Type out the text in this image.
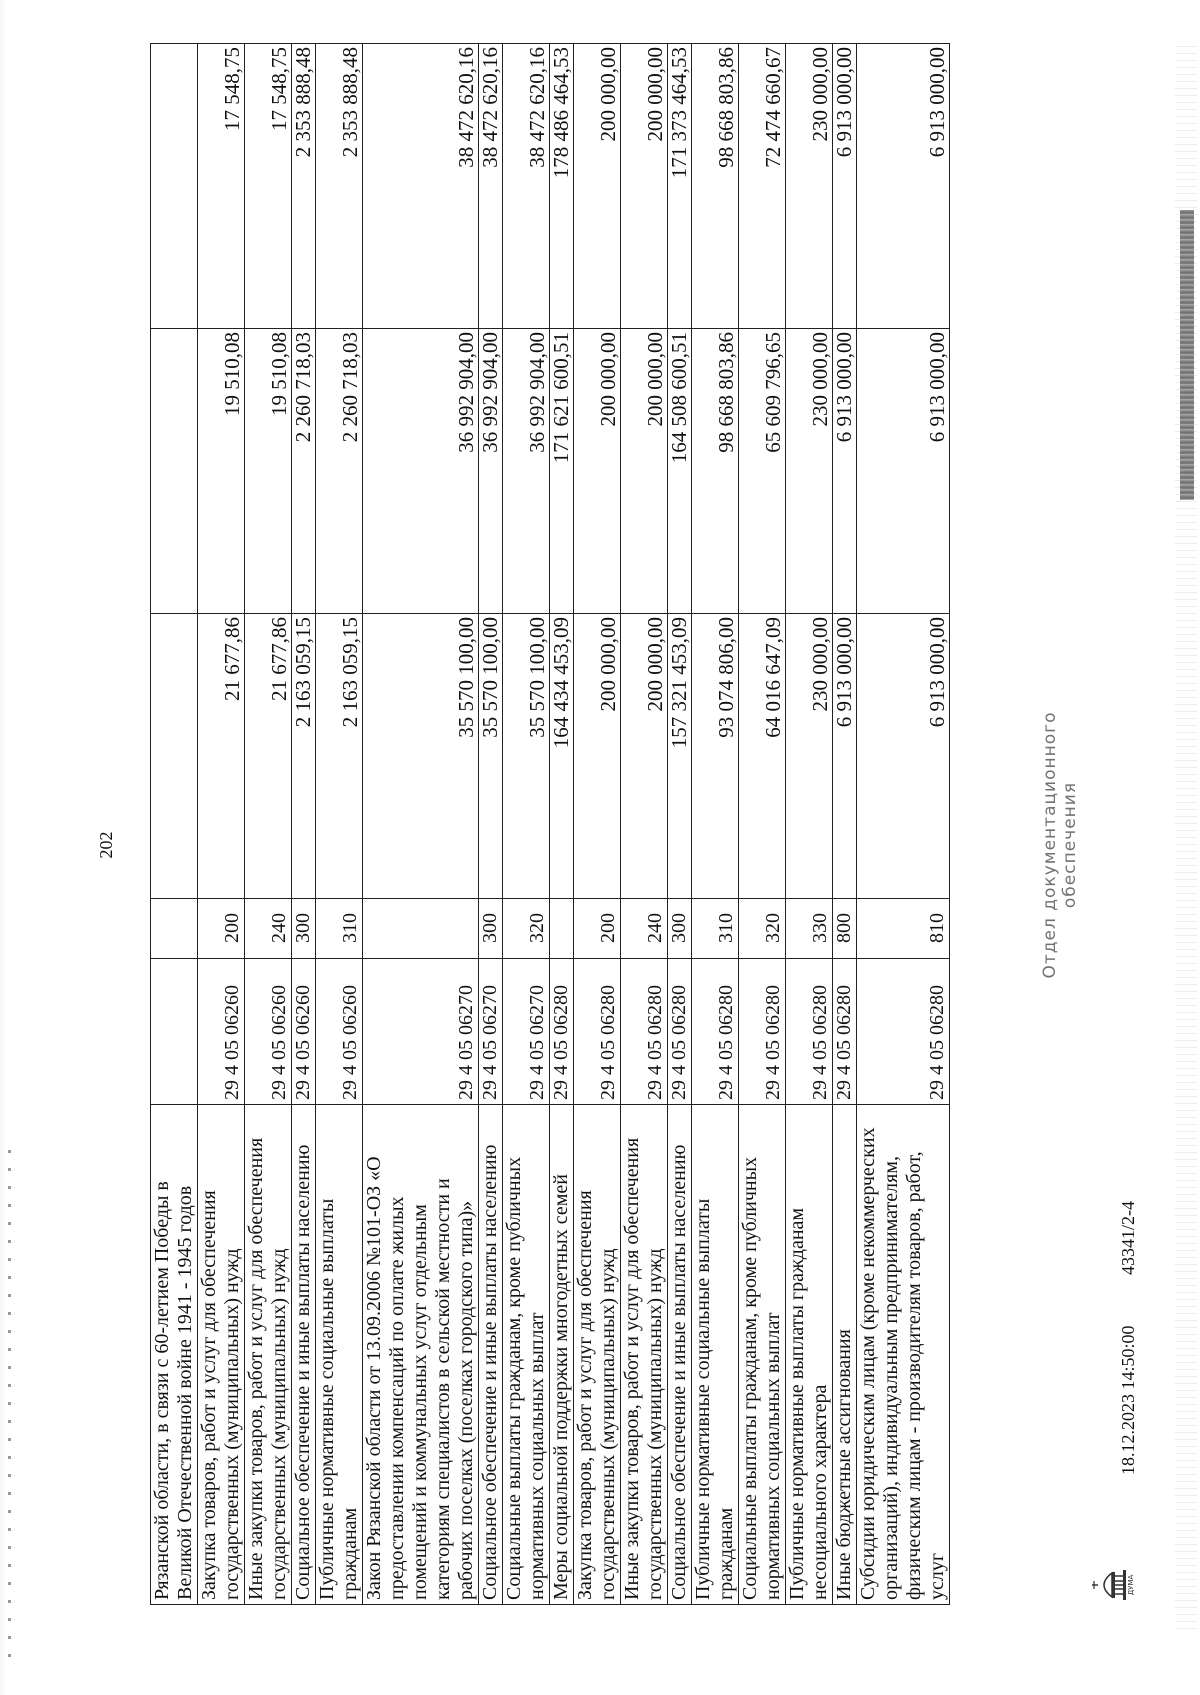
202
Рязанской области, в связи с 60-летием Победы в Великой Отечественной войне 1941 - 1945 годов					
Закупка товаров, работ и услуг для обеспечения государственных (муниципальных) нужд	29 4 05 06260	200	21 677,86	19 510,08	17 548,75
Иные закупки товаров, работ и услуг для обеспечения государственных (муниципальных) нужд	29 4 05 06260	240	21 677,86	19 510,08	17 548,75
Социальное обеспечение и иные выплаты населению	29 4 05 06260	300	2 163 059,15	2 260 718,03	2 353 888,48
Публичные нормативные социальные выплаты гражданам	29 4 05 06260	310	2 163 059,15	2 260 718,03	2 353 888,48
Закон Рязанской области от 13.09.2006 №101-ОЗ «О предоставлении компенсаций по оплате жилых помещений и коммунальных услуг отдельным категориям специалистов в сельской местности и рабочих поселках (поселках городского типа)»	29 4 05 06270		35 570 100,00	36 992 904,00	38 472 620,16
Социальное обеспечение и иные выплаты населению	29 4 05 06270	300	35 570 100,00	36 992 904,00	38 472 620,16
Социальные выплаты гражданам, кроме публичных нормативных социальных выплат	29 4 05 06270	320	35 570 100,00	36 992 904,00	38 472 620,16
Меры социальной поддержки многодетных семей	29 4 05 06280		164 434 453,09	171 621 600,51	178 486 464,53
Закупка товаров, работ и услуг для обеспечения государственных (муниципальных) нужд	29 4 05 06280	200	200 000,00	200 000,00	200 000,00
Иные закупки товаров, работ и услуг для обеспечения государственных (муниципальных) нужд	29 4 05 06280	240	200 000,00	200 000,00	200 000,00
Социальное обеспечение и иные выплаты населению	29 4 05 06280	300	157 321 453,09	164 508 600,51	171 373 464,53
Публичные нормативные социальные выплаты гражданам	29 4 05 06280	310	93 074 806,00	98 668 803,86	98 668 803,86
Социальные выплаты гражданам, кроме публичных нормативных социальных выплат	29 4 05 06280	320	64 016 647,09	65 609 796,65	72 474 660,67
Публичные нормативные выплаты гражданам несоциального характера	29 4 05 06280	330	230 000,00	230 000,00	230 000,00
Иные бюджетные ассигнования	29 4 05 06280	800	6 913 000,00	6 913 000,00	6 913 000,00
Субсидии юридическим лицам (кроме некоммерческих организаций), индивидуальным предпринимателям, физическим лицам - производителям товаров, работ, услуг	29 4 05 06280	810	6 913 000,00	6 913 000,00	6 913 000,00
ДУМА
18.12.2023 14:50:00
43341/2-4
Отдел документационного обеспечения
